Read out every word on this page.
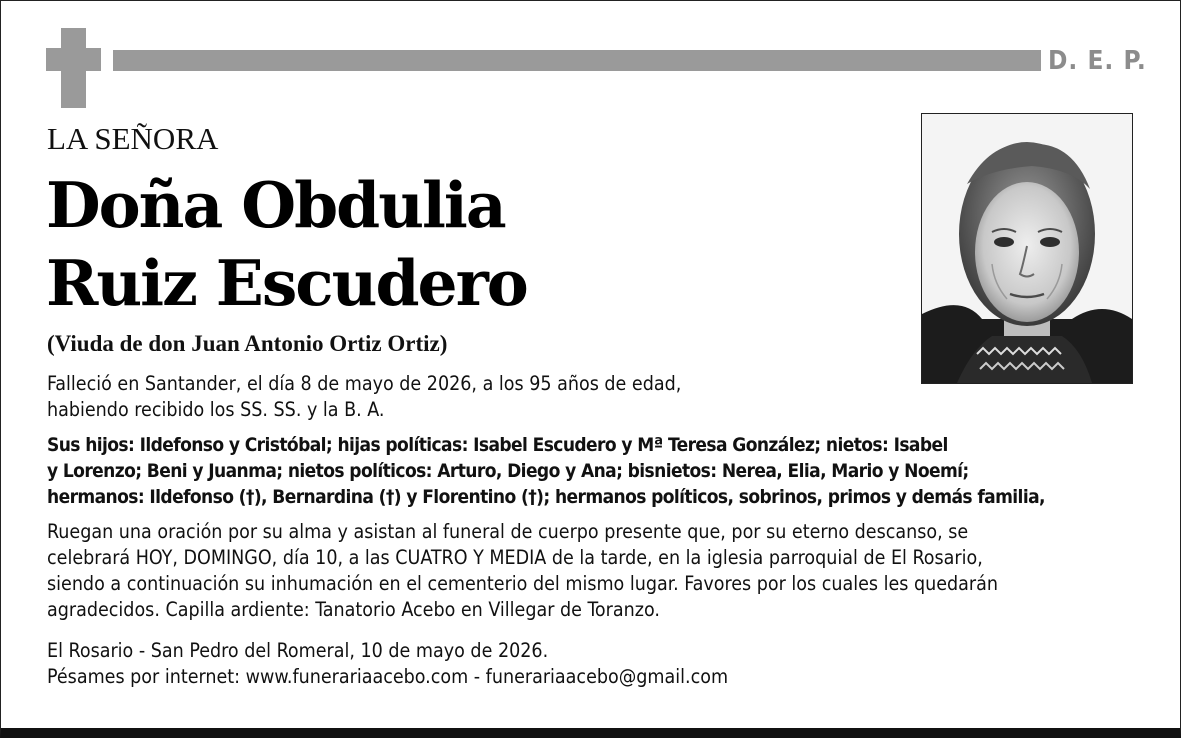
D. E. P.
LA SEÑORA
Doña Obdulia
Ruiz Escudero
(Viuda de don Juan Antonio Ortiz Ortiz)
Falleció en Santander, el día 8 de mayo de 2026, a los 95 años de edad,
habiendo recibido los SS. SS. y la B. A.
Sus hijos: Ildefonso y Cristóbal; hijas políticas: Isabel Escudero y Mª Teresa González; nietos: Isabel
y Lorenzo; Beni y Juanma; nietos políticos: Arturo, Diego y Ana; bisnietos: Nerea, Elia, Mario y Noemí;
hermanos: Ildefonso (†), Bernardina (†) y Florentino (†); hermanos políticos, sobrinos, primos y demás familia,
Ruegan una oración por su alma y asistan al funeral de cuerpo presente que, por su eterno descanso, se
celebrará HOY, DOMINGO, día 10, a las CUATRO Y MEDIA de la tarde, en la iglesia parroquial de El Rosario,
siendo a continuación su inhumación en el cementerio del mismo lugar. Favores por los cuales les quedarán
agradecidos. Capilla ardiente: Tanatorio Acebo en Villegar de Toranzo.
El Rosario - San Pedro del Romeral, 10 de mayo de 2026.
Pésames por internet: www.funerariaacebo.com - funerariaacebo@gmail.com
